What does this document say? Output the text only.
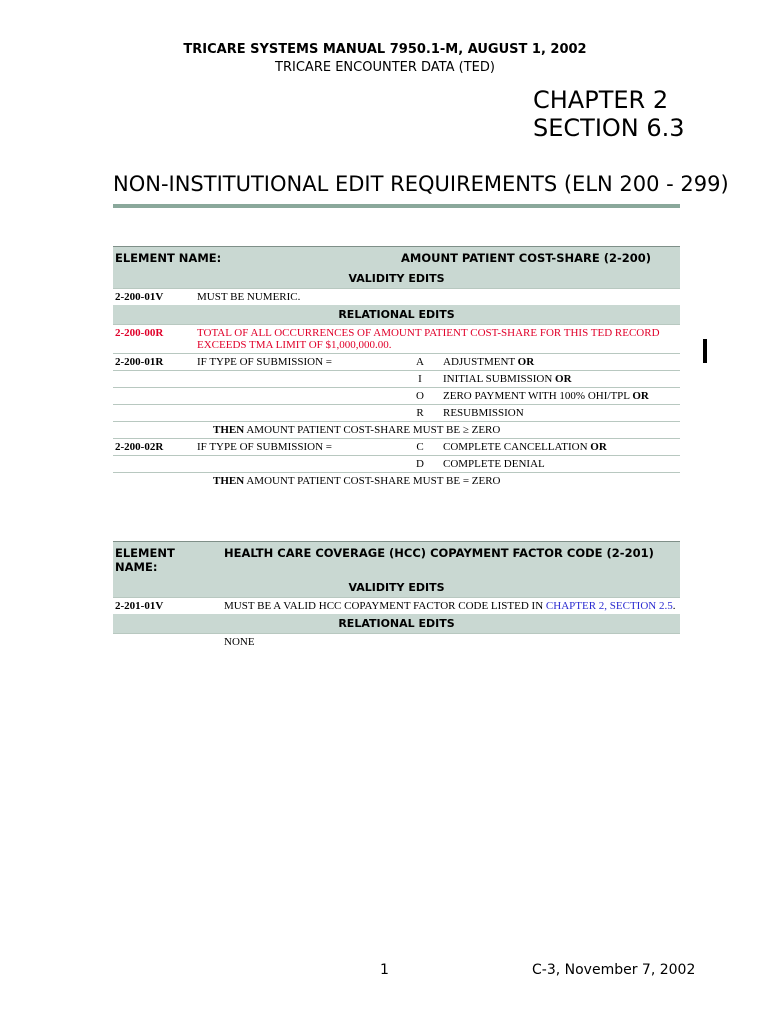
TRICARE SYSTEMS MANUAL 7950.1-M, AUGUST 1, 2002
TRICARE ENCOUNTER DATA (TED)
CHAPTER 2
SECTION 6.3
NON-INSTITUTIONAL EDIT REQUIREMENTS (ELN 200 - 299)
ELEMENT NAME:		AMOUNT PATIENT COST-SHARE (2-200)	
VALIDITY EDITS			
2-200-01V	MUST BE NUMERIC.		
RELATIONAL EDITS			
2-200-00R	TOTAL OF ALL OCCURRENCES OF AMOUNT PATIENT COST-SHARE FOR THIS TED RECORD EXCEEDS TMA LIMIT OF $1,000,000.00.		
2-200-01R	IF TYPE OF SUBMISSION =	A	ADJUSTMENT OR
		I	INITIAL SUBMISSION OR
		O	ZERO PAYMENT WITH 100% OHI/TPL OR
		R	RESUBMISSION
	THEN AMOUNT PATIENT COST-SHARE MUST BE ≥ ZERO		
2-200-02R	IF TYPE OF SUBMISSION =	C	COMPLETE CANCELLATION OR
		D	COMPLETE DENIAL
	THEN AMOUNT PATIENT COST-SHARE MUST BE = ZERO		
ELEMENT NAME:	HEALTH CARE COVERAGE (HCC) COPAYMENT FACTOR CODE (2-201)
VALIDITY EDITS	
2-201-01V	MUST BE A VALID HCC COPAYMENT FACTOR CODE LISTED IN CHAPTER 2, SECTION 2.5.
RELATIONAL EDITS	
	NONE
1	C-3, November 7, 2002
